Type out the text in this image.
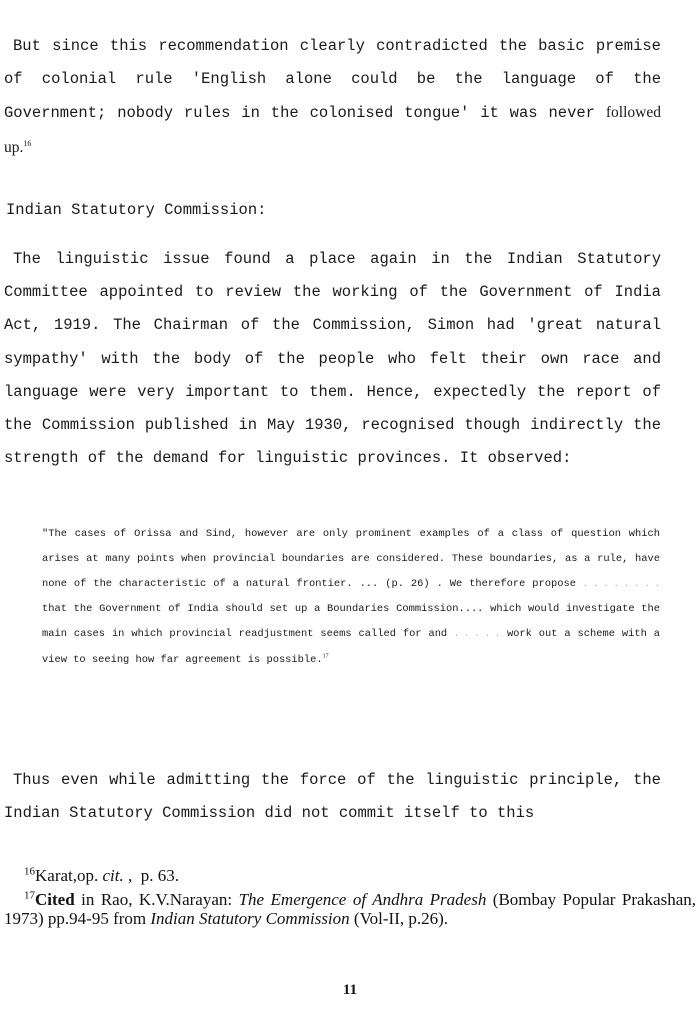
But since this recommendation clearly contradicted the basic premise of colonial rule 'English alone could be the language of the Government; nobody rules in the colonised tongue' it was never followed up.$^{16}$
Indian Statutory Commission:
The linguistic issue found a place again in the Indian Statutory Committee appointed to review the working of the Government of India Act, 1919. The Chairman of the Commission, Simon had 'great natural sympathy' with the body of the people who felt their own race and language were very important to them. Hence, expectedly the report of the Commission published in May 1930, recognised though indirectly the strength of the demand for linguistic provinces. It observed:
"The cases of Orissa and Sind, however are only prominent examples of a class of question which arises at many points when provincial boundaries are considered. These boundaries, as a rule, have none of the characteristic of a natural frontier. ... (p. 26) . We therefore propose . . . . . . . . that the Government of India should set up a Boundaries Commission.... which would investigate the main cases in which provincial readjustment seems called for and . . . . . work out a scheme with a view to seeing how far agreement is possible.$^{17}$
Thus even while admitting the force of the linguistic principle, the Indian Statutory Commission did not commit itself to this
$^{16}$Karat,op. cit. , p. 63.
$^{17}$Cited in Rao, K.V.Narayan: The Emergence of Andhra Pradesh (Bombay Popular Prakashan, 1973) pp.94-95 from Indian Statutory Commission (Vol-II, p.26).
11
